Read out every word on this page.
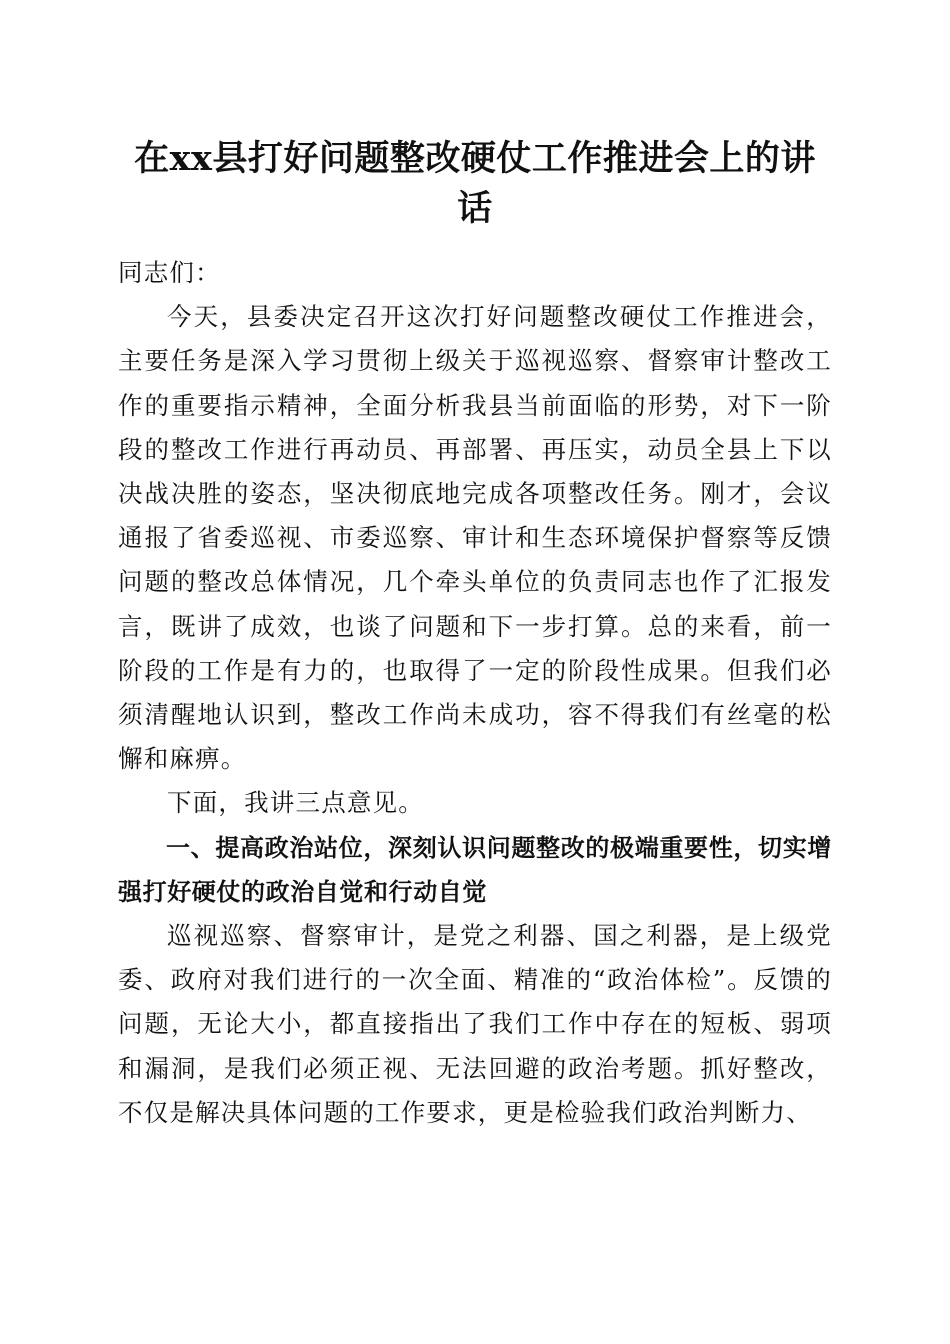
在xx县打好问题整改硬仗工作推进会上的讲话

同志们：

今天，县委决定召开这次打好问题整改硬仗工作推进会，主要任务是深入学习贯彻上级关于巡视巡察、督察审计整改工作的重要指示精神，全面分析我县当前面临的形势，对下一阶段的整改工作进行再动员、再部署、再压实，动员全县上下以决战决胜的姿态，坚决彻底地完成各项整改任务。刚才，会议通报了省委巡视、市委巡察、审计和生态环境保护督察等反馈问题的整改总体情况，几个牵头单位的负责同志也作了汇报发言，既讲了成效，也谈了问题和下一步打算。总的来看，前一阶段的工作是有力的，也取得了一定的阶段性成果。但我们必须清醒地认识到，整改工作尚未成功，容不得我们有丝毫的松懈和麻痹。

下面，我讲三点意见。

一、提高政治站位，深刻认识问题整改的极端重要性，切实增强打好硬仗的政治自觉和行动自觉

巡视巡察、督察审计，是党之利器、国之利器，是上级党委、政府对我们进行的一次全面、精准的“政治体检”。反馈的问题，无论大小，都直接指出了我们工作中存在的短板、弱项和漏洞，是我们必须正视、无法回避的政治考题。抓好整改，不仅是解决具体问题的工作要求，更是检验我们政治判断力、
